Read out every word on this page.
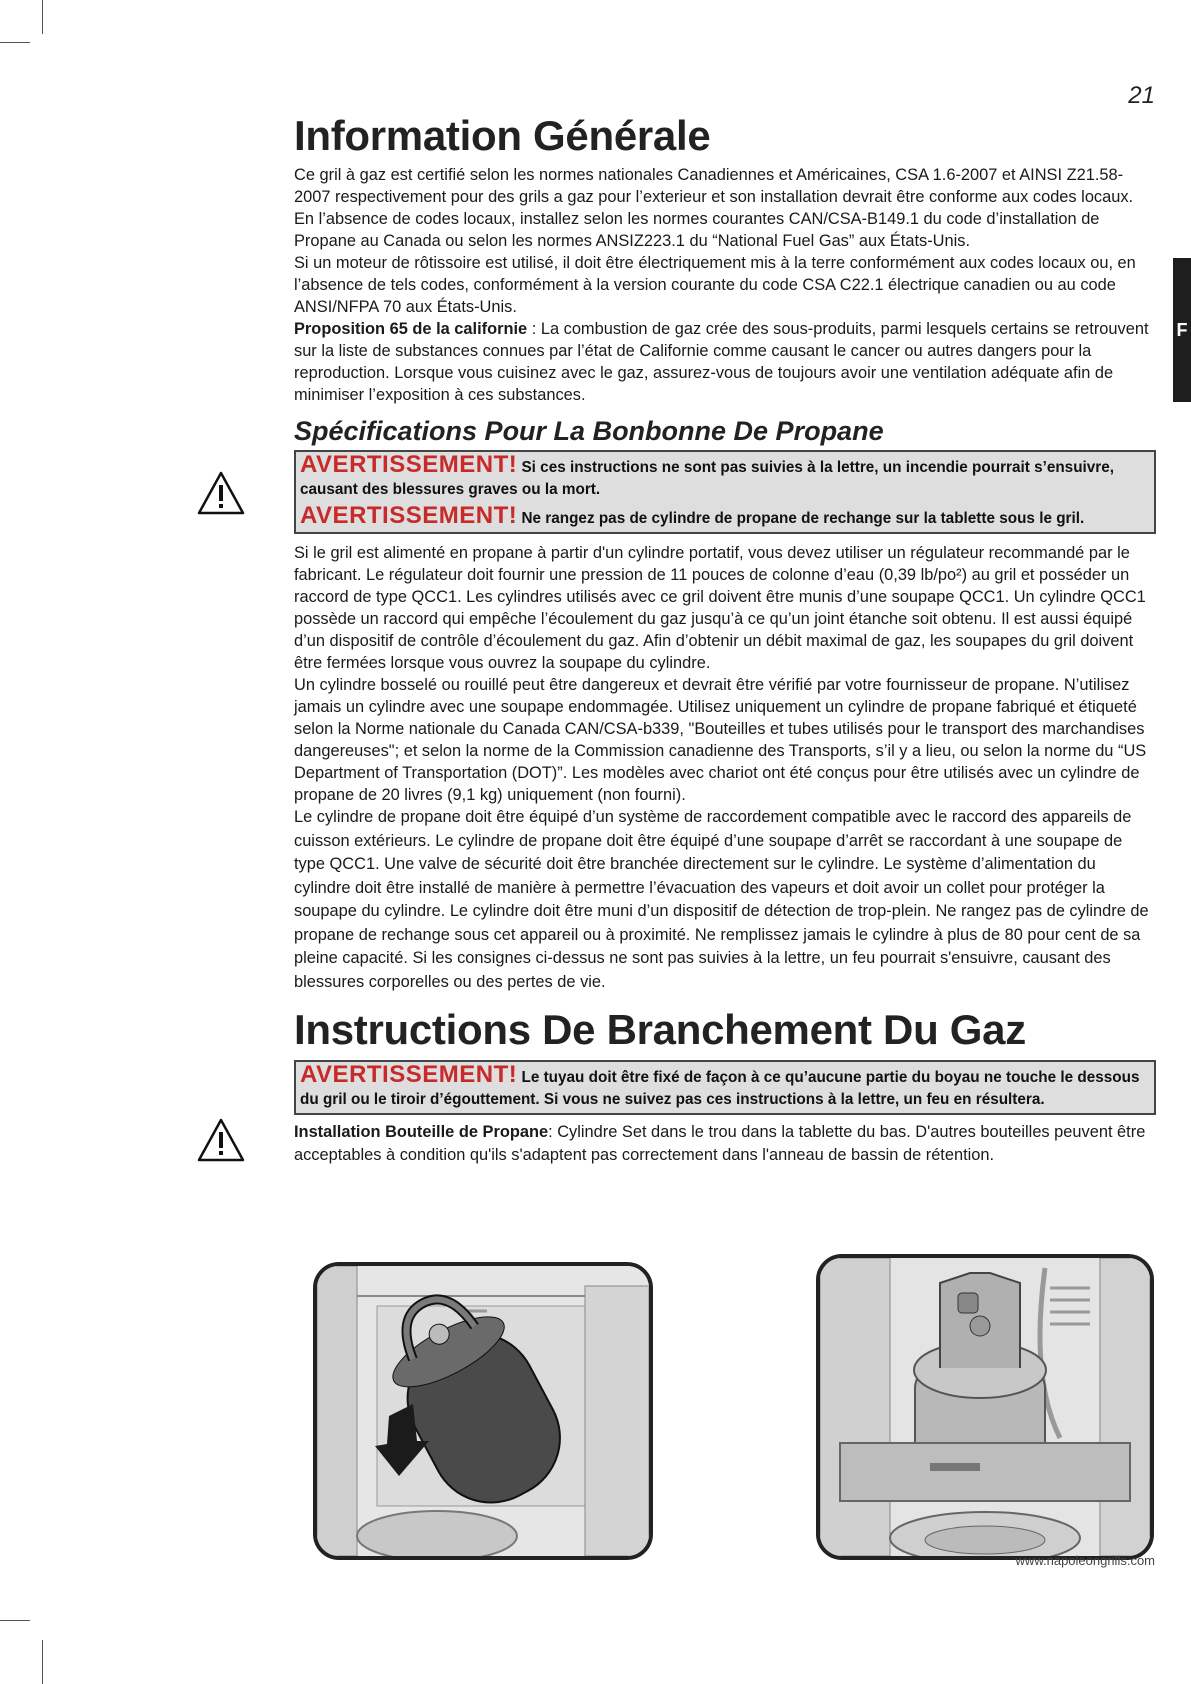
21
F
Information Générale

Ce gril à gaz est certifié selon les normes nationales Canadiennes et Américaines, CSA 1.6-2007 et AINSI Z21.58-2007 respectivement pour des grils a gaz pour l’exterieur et son installation devrait être conforme aux codes locaux. En l’absence de codes locaux, installez selon les normes courantes CAN/CSA-B149.1 du code d’installation de Propane au Canada ou selon les normes ANSIZ223.1 du “National Fuel Gas” aux États-Unis.

Si un moteur de rôtissoire est utilisé, il doit être électriquement mis à la terre conformément aux codes locaux ou, en l’absence de tels codes, conformément à la version courante du code CSA C22.1 électrique canadien ou au code ANSI/NFPA 70 aux États-Unis.

Proposition 65 de la californie : La combustion de gaz crée des sous-produits, parmi lesquels certains se retrouvent sur la liste de substances connues par l’état de Californie comme causant le cancer ou autres dangers pour la reproduction. Lorsque vous cuisinez avec le gaz, assurez-vous de toujours avoir une ventilation adéquate afin de minimiser l’exposition à ces substances.

Spécifications Pour La Bonbonne De Propane
AVERTISSEMENT! Si ces instructions ne sont pas suivies à la lettre, un incendie pourrait s’ensuivre, causant des blessures graves ou la mort.
AVERTISSEMENT! Ne rangez pas de cylindre de propane de rechange sur la tablette sous le gril.

Si le gril est alimenté en propane à partir d'un cylindre portatif, vous devez utiliser un régulateur recommandé par le fabricant. Le régulateur doit fournir une pression de 11 pouces de colonne d’eau (0,39 lb/po²) au gril et posséder un raccord de type QCC1. Les cylindres utilisés avec ce gril doivent être munis d’une soupape QCC1. Un cylindre QCC1 possède un raccord qui empêche l’écoulement du gaz jusqu’à ce qu’un joint étanche soit obtenu. Il est aussi équipé d’un dispositif de contrôle d’écoulement du gaz. Afin d’obtenir un débit maximal de gaz, les soupapes du gril doivent être fermées lorsque vous ouvrez la soupape du cylindre.

Un cylindre bosselé ou rouillé peut être dangereux et devrait être vérifié par votre fournisseur de propane. N’utilisez jamais un cylindre avec une soupape endommagée. Utilisez uniquement un cylindre de propane fabriqué et étiqueté selon la Norme nationale du Canada CAN/CSA-b339, "Bouteilles et tubes utilisés pour le transport des marchandises dangereuses"; et selon la norme de la Commission canadienne des Transports, s’il y a lieu, ou selon la norme du “US Department of Transportation (DOT)”. Les modèles avec chariot ont été conçus pour être utilisés avec un cylindre de propane de 20 livres (9,1 kg) uniquement (non fourni).

Le cylindre de propane doit être équipé d’un système de raccordement compatible avec le raccord des appareils de cuisson extérieurs. Le cylindre de propane doit être équipé d’une soupape d’arrêt se raccordant à une soupape de type QCC1. Une valve de sécurité doit être branchée directement sur le cylindre. Le système d’alimentation du cylindre doit être installé de manière à permettre l’évacuation des vapeurs et doit avoir un collet pour protéger la soupape du cylindre. Le cylindre doit être muni d’un dispositif de détection de trop-plein. Ne rangez pas de cylindre de propane de rechange sous cet appareil ou à proximité. Ne remplissez jamais le cylindre à plus de 80 pour cent de sa pleine capacité. Si les consignes ci-dessus ne sont pas suivies à la lettre, un feu pourrait s'ensuivre, causant des blessures corporelles ou des pertes de vie.

Instructions De Branchement Du Gaz
AVERTISSEMENT! Le tuyau doit être fixé de façon à ce qu’aucune partie du boyau ne touche le dessous du gril ou le tiroir d’égouttement. Si vous ne suivez pas ces instructions à la lettre, un feu en résultera.

Installation Bouteille de Propane: Cylindre Set dans le trou dans la tablette du bas. D'autres bouteilles peuvent être acceptables à condition qu'ils s'adaptent pas correctement dans l'anneau de bassin de rétention.

www.napoleongrills.com
